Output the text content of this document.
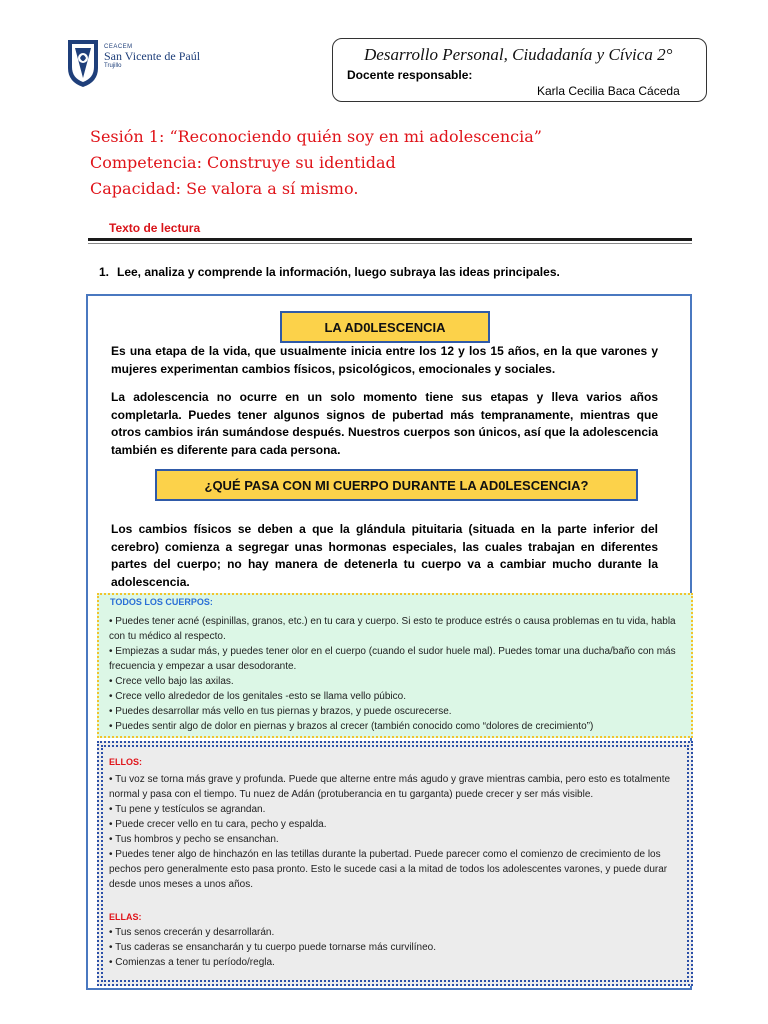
CEACEM
San Vicente de Paúl
Trujillo
Desarrollo Personal, Ciudadanía y Cívica 2°
Docente responsable:
Karla Cecilia Baca Cáceda
Sesión 1: “Reconociendo quién soy en mi adolescencia”
Competencia: Construye su identidad
Capacidad: Se valora a sí mismo.
Texto de lectura
1. Lee, analiza y comprende la información, luego subraya las ideas principales.
LA AD0LESCENCIA
Es una etapa de la vida, que usualmente inicia entre los 12 y los 15 años, en la que varones y mujeres experimentan cambios físicos, psicológicos, emocionales y sociales.
La adolescencia no ocurre en un solo momento tiene sus etapas y lleva varios años completarla. Puedes tener algunos signos de pubertad más tempranamente, mientras que otros cambios irán sumándose después. Nuestros cuerpos son únicos, así que la adolescencia también es diferente para cada persona.
¿QUÉ PASA CON MI CUERPO DURANTE LA AD0LESCENCIA?
Los cambios físicos se deben a que la glándula pituitaria (situada en la parte inferior del cerebro) comienza a segregar unas hormonas especiales, las cuales trabajan en diferentes partes del cuerpo; no hay manera de detenerla tu cuerpo va a cambiar mucho durante la adolescencia.
TODOS LOS CUERPOS:
• Puedes tener acné (espinillas, granos, etc.) en tu cara y cuerpo. Si esto te produce estrés o causa problemas en tu vida, habla con tu médico al respecto.
• Empiezas a sudar más, y puedes tener olor en el cuerpo (cuando el sudor huele mal). Puedes tomar una ducha/baño con más frecuencia y empezar a usar desodorante.
• Crece vello bajo las axilas.
• Crece vello alrededor de los genitales -esto se llama vello púbico.
• Puedes desarrollar más vello en tus piernas y brazos, y puede oscurecerse.
• Puedes sentir algo de dolor en piernas y brazos al crecer (también conocido como “dolores de crecimiento”)
ELLOS:
• Tu voz se torna más grave y profunda. Puede que alterne entre más agudo y grave mientras cambia, pero esto es totalmente normal y pasa con el tiempo. Tu nuez de Adán (protuberancia en tu garganta) puede crecer y ser más visible.
• Tu pene y testículos se agrandan.
• Puede crecer vello en tu cara, pecho y espalda.
• Tus hombros y pecho se ensanchan.
• Puedes tener algo de hinchazón en las tetillas durante la pubertad. Puede parecer como el comienzo de crecimiento de los pechos pero generalmente esto pasa pronto. Esto le sucede casi a la mitad de todos los adolescentes varones, y puede durar desde unos meses a unos años.
ELLAS:
• Tus senos crecerán y desarrollarán.
• Tus caderas se ensancharán y tu cuerpo puede tornarse más curvilíneo.
• Comienzas a tener tu período/regla.
